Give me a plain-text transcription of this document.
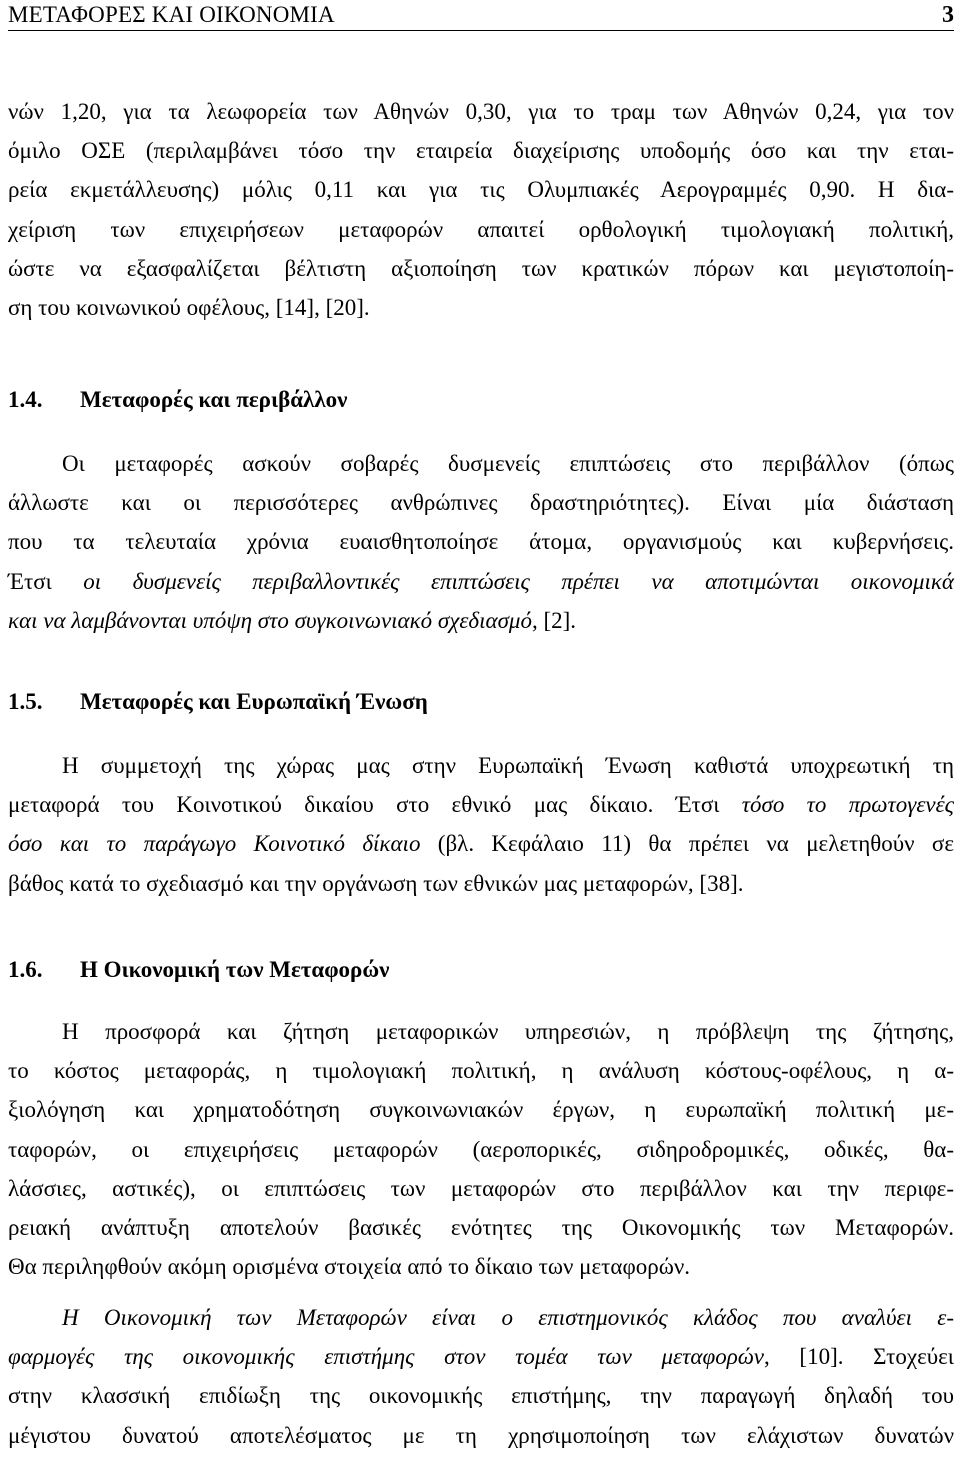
ΜΕΤΑΦΟΡΕΣ ΚΑΙ ΟΙΚΟΝΟΜΙΑ	3
νών 1,20, για τα λεωφορεία των Αθηνών 0,30, για το τραμ των Αθηνών 0,24, για τον
όμιλο ΟΣΕ (περιλαμβάνει τόσο την εταιρεία διαχείρισης υποδομής όσο και την εται-
ρεία εκμετάλλευσης) μόλις 0,11 και για τις Ολυμπιακές Αερογραμμές 0,90. Η δια-
χείριση των επιχειρήσεων μεταφορών απαιτεί ορθολογική τιμολογιακή πολιτική,
ώστε να εξασφαλίζεται βέλτιστη αξιοποίηση των κρατικών πόρων και μεγιστοποίη-
ση του κοινωνικού οφέλους, [14], [20].
1.4. Μεταφορές και περιβάλλον
Οι μεταφορές ασκούν σοβαρές δυσμενείς επιπτώσεις στο περιβάλλον (όπως
άλλωστε και οι περισσότερες ανθρώπινες δραστηριότητες). Είναι μία διάσταση
που τα τελευταία χρόνια ευαισθητοποίησε άτομα, οργανισμούς και κυβερνήσεις.
Έτσι οι δυσμενείς περιβαλλοντικές επιπτώσεις πρέπει να αποτιμώνται οικονομικά
και να λαμβάνονται υπόψη στο συγκοινωνιακό σχεδιασμό, [2].
1.5. Μεταφορές και Ευρωπαϊκή Ένωση
Η συμμετοχή της χώρας μας στην Ευρωπαϊκή Ένωση καθιστά υποχρεωτική τη
μεταφορά του Κοινοτικού δικαίου στο εθνικό μας δίκαιο. Έτσι τόσο το πρωτογενές
όσο και το παράγωγο Κοινοτικό δίκαιο (βλ. Κεφάλαιο 11) θα πρέπει να μελετηθούν σε
βάθος κατά το σχεδιασμό και την οργάνωση των εθνικών μας μεταφορών, [38].
1.6. Η Οικονομική των Μεταφορών
Η προσφορά και ζήτηση μεταφορικών υπηρεσιών, η πρόβλεψη της ζήτησης,
το κόστος μεταφοράς, η τιμολογιακή πολιτική, η ανάλυση κόστους-οφέλους, η α-
ξιολόγηση και χρηματοδότηση συγκοινωνιακών έργων, η ευρωπαϊκή πολιτική με-
ταφορών, οι επιχειρήσεις μεταφορών (αεροπορικές, σιδηροδρομικές, οδικές, θα-
λάσσιες, αστικές), οι επιπτώσεις των μεταφορών στο περιβάλλον και την περιφε-
ρειακή ανάπτυξη αποτελούν βασικές ενότητες της Οικονομικής των Μεταφορών.
Θα περιληφθούν ακόμη ορισμένα στοιχεία από το δίκαιο των μεταφορών.
Η Οικονομική των Μεταφορών είναι ο επιστημονικός κλάδος που αναλύει ε-
φαρμογές της οικονομικής επιστήμης στον τομέα των μεταφορών, [10]. Στοχεύει
στην κλασσική επιδίωξη της οικονομικής επιστήμης, την παραγωγή δηλαδή του
μέγιστου δυνατού αποτελέσματος με τη χρησιμοποίηση των ελάχιστων δυνατών
